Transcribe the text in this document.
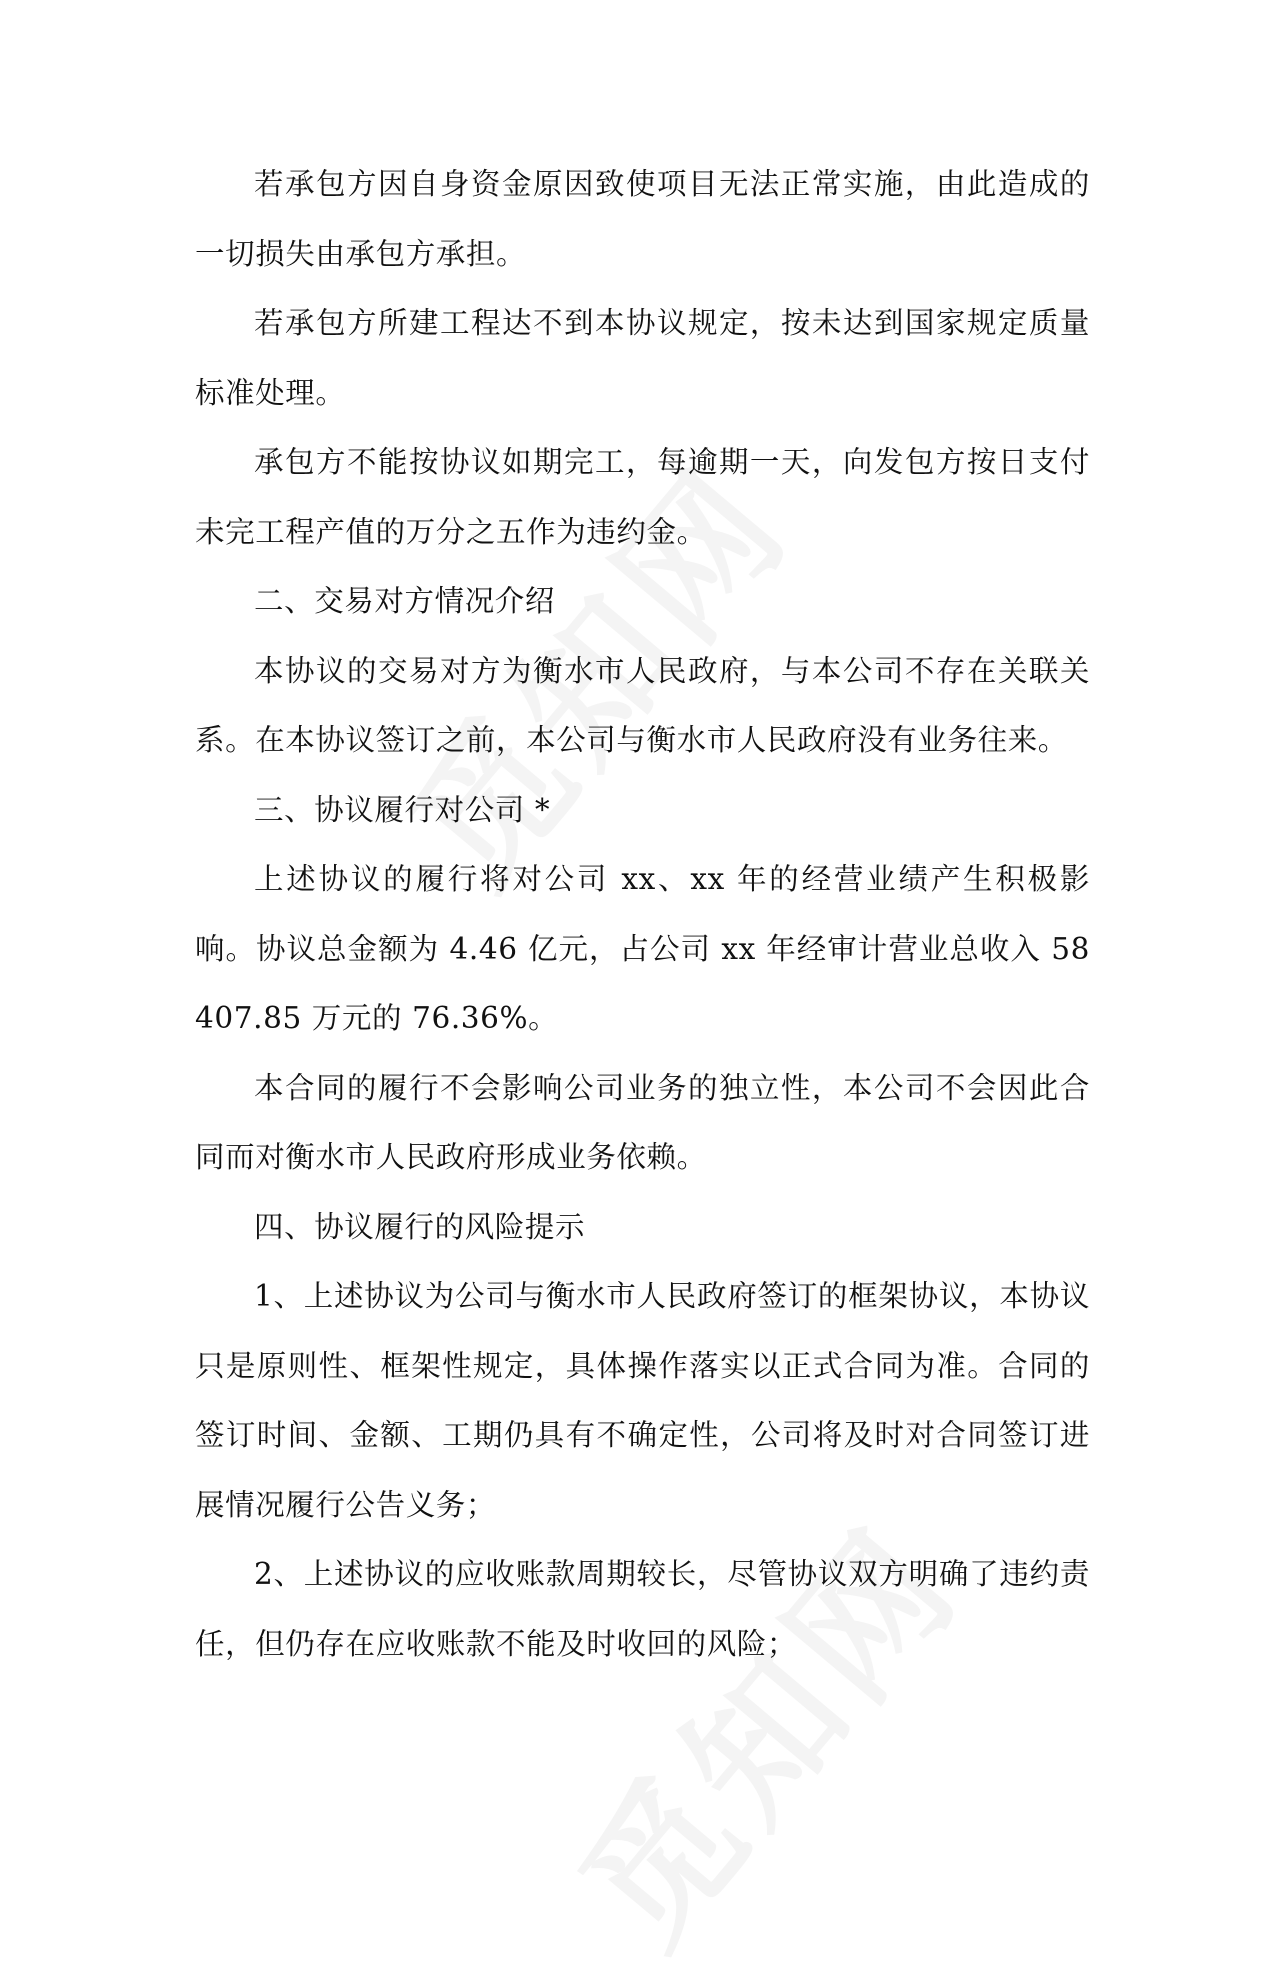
若承包方因自身资金原因致使项目无法正常实施，由此造成的一切损失由承包方承担。

若承包方所建工程达不到本协议规定，按未达到国家规定质量标准处理。

承包方不能按协议如期完工，每逾期一天，向发包方按日支付未完工程产值的万分之五作为违约金。

二、交易对方情况介绍

本协议的交易对方为衡水市人民政府，与本公司不存在关联关系。在本协议签订之前，本公司与衡水市人民政府没有业务往来。

三、协议履行对公司 *

上述协议的履行将对公司 xx、xx 年的经营业绩产生积极影响。协议总金额为 4.46 亿元，占公司 xx 年经审计营业总收入 58407.85 万元的 76.36%。

本合同的履行不会影响公司业务的独立性，本公司不会因此合同而对衡水市人民政府形成业务依赖。

四、协议履行的风险提示

1、上述协议为公司与衡水市人民政府签订的框架协议，本协议只是原则性、框架性规定，具体操作落实以正式合同为准。合同的签订时间、金额、工期仍具有不确定性，公司将及时对合同签订进展情况履行公告义务；

2、上述协议的应收账款周期较长，尽管协议双方明确了违约责任，但仍存在应收账款不能及时收回的风险；
